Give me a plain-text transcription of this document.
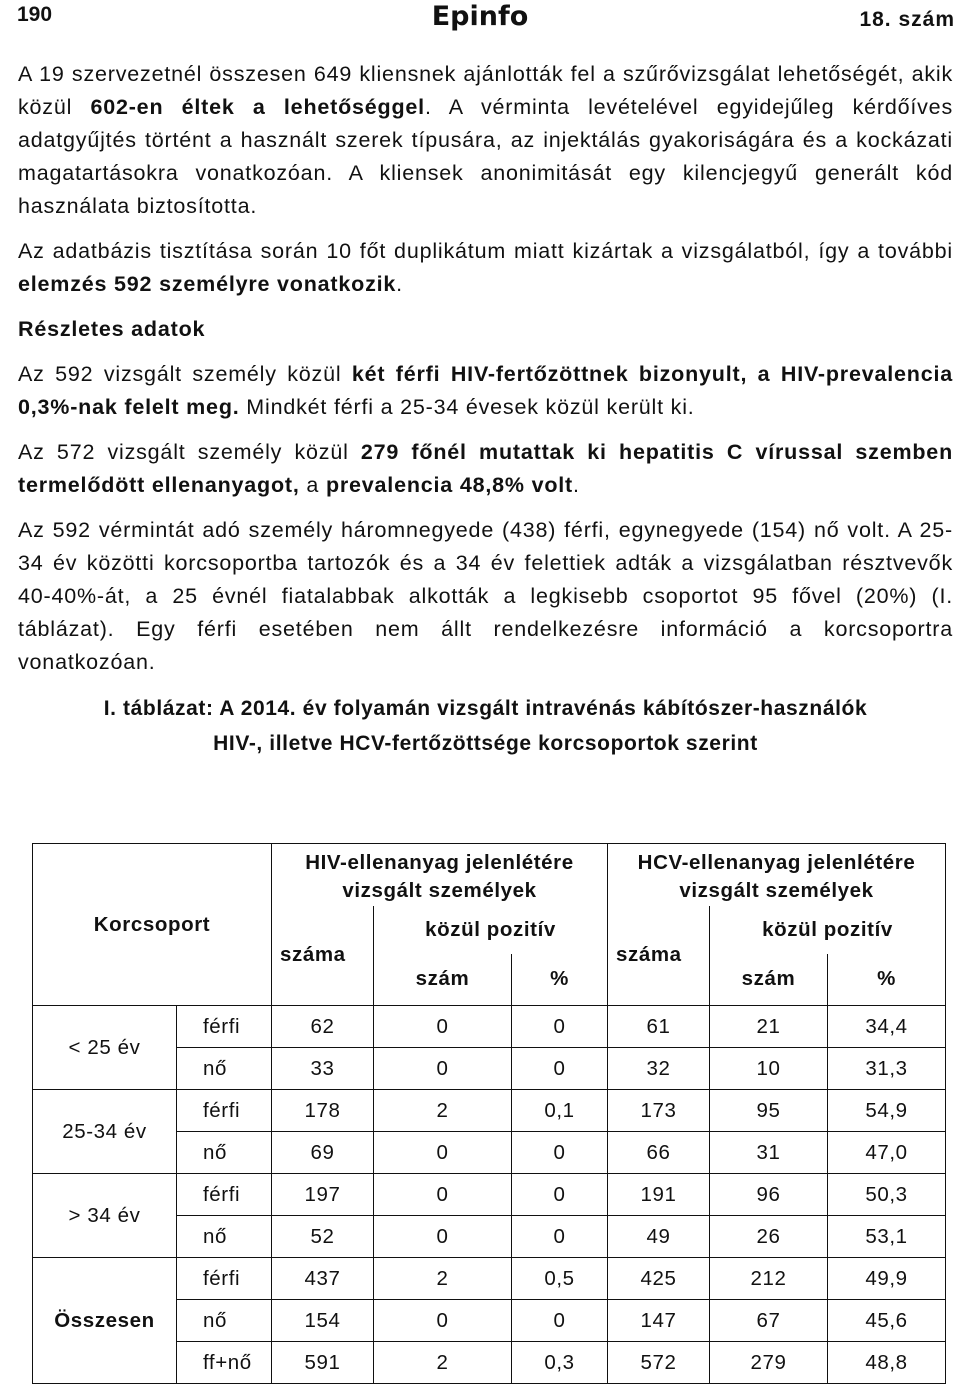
190	Epinfo	18. szám

A 19 szervezetnél összesen 649 kliensnek ajánlották fel a szűrővizsgálat lehetőségét, akik közül 602-en éltek a lehetőséggel. A vérminta levételével egyidejűleg kérdőíves adatgyűjtés történt a használt szerek típusára, az injektálás gyakoriságára és a kockázati magatartásokra vonatkozóan. A kliensek anonimitását egy kilencjegyű generált kód használata biztosította.

Az adatbázis tisztítása során 10 főt duplikátum miatt kizártak a vizsgálatból, így a további elemzés 592 személyre vonatkozik.

Részletes adatok

Az 592 vizsgált személy közül két férfi HIV-fertőzöttnek bizonyult, a HIV-prevalencia 0,3%-nak felelt meg. Mindkét férfi a 25-34 évesek közül került ki.

Az 572 vizsgált személy közül 279 főnél mutattak ki hepatitis C vírussal szemben termelődött ellenanyagot, a prevalencia 48,8% volt.

Az 592 vérmintát adó személy háromnegyede (438) férfi, egynegyede (154) nő volt. A 25-34 év közötti korcsoportba tartozók és a 34 év felettiek adták a vizsgálatban résztvevők 40-40%-át, a 25 évnél fiatalabbak alkották a legkisebb csoportot 95 fővel (20%) (I. táblázat). Egy férfi esetében nem állt rendelkezésre információ a korcsoportra vonatkozóan.

I. táblázat: A 2014. év folyamán vizsgált intravénás kábítószer-használók
HIV-, illetve HCV-fertőzöttsége korcsoportok szerint
Korcsoport		HIV-ellenanyag jelenlétére vizsgált személyek			HCV-ellenanyag jelenlétére vizsgált személyek		
		száma	közül pozitív		száma	közül pozitív	
			szám	%		szám	%
< 25 év	férfi	62	0	0	61	21	34,4
	nő	33	0	0	32	10	31,3
25-34 év	férfi	178	2	0,1	173	95	54,9
	nő	69	0	0	66	31	47,0
> 34 év	férfi	197	0	0	191	96	50,3
	nő	52	0	0	49	26	53,1
Összesen	férfi	437	2	0,5	425	212	49,9
	nő	154	0	0	147	67	45,6
	ff+nő	591	2	0,3	572	279	48,8
